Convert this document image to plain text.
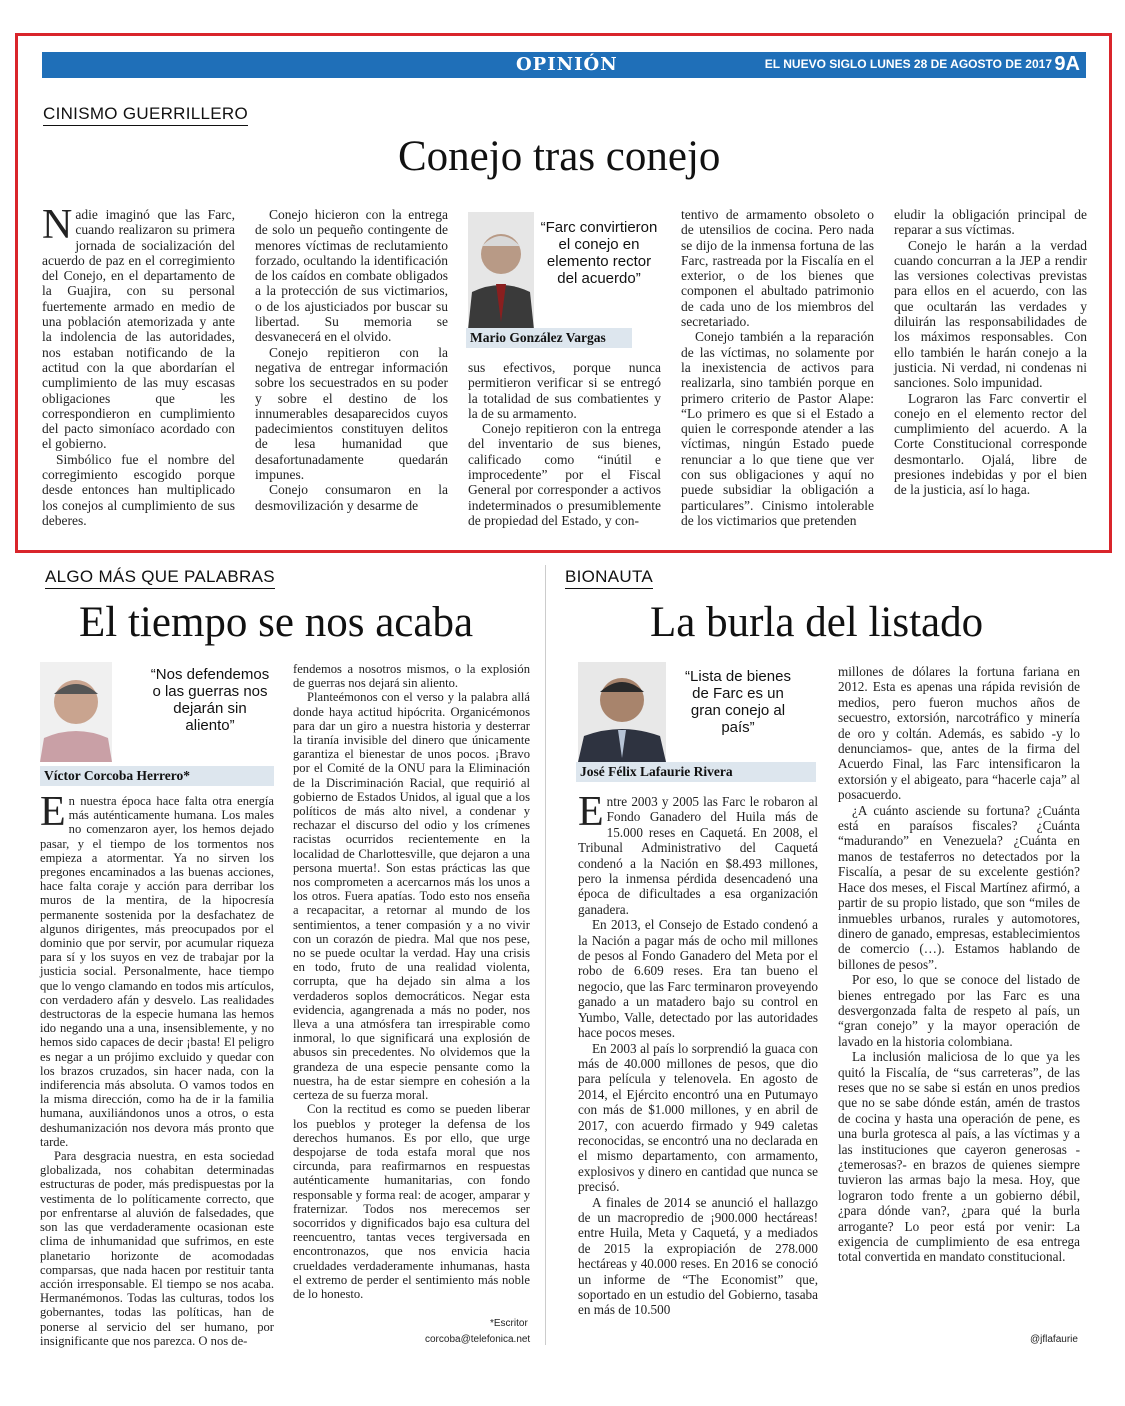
OPINIÓN	EL NUEVO SIGLO LUNES 28 DE AGOSTO DE 2017 9A
CINISMO GUERRILLERO
Conejo tras conejo

Nadie imaginó que las Farc, cuando realizaron su primera jornada de socialización del acuerdo de paz en el corregimiento del Conejo, en el departamento de la Guajira, con su personal fuertemente armado en medio de una población atemorizada y ante la indolencia de las autoridades, nos estaban notificando de la actitud con la que abordarían el cumplimiento de las muy escasas obligaciones que les correspondieron en cumplimiento del pacto simoníaco acordado con el gobierno.

Simbólico fue el nombre del corregimiento escogido porque desde entonces han multiplicado los conejos al cumplimiento de sus deberes.

Conejo hicieron con la entrega de solo un pequeño contingente de menores víctimas de reclutamiento forzado, ocultando la identificación de los caídos en combate obligados a la protección de sus victimarios, o de los ajusticiados por buscar su libertad. Su memoria se desvanecerá en el olvido.

Conejo repitieron con la negativa de entregar información sobre los secuestrados en su poder y sobre el destino de los innumerables desaparecidos cuyos padecimientos constituyen delitos de lesa humanidad que desafortunadamente quedarán impunes.

Conejo consumaron en la desmovilización y desarme de

“Farc convirtieron el conejo en elemento rector del acuerdo”
Mario González Vargas

sus efectivos, porque nunca permitieron verificar si se entregó la totalidad de sus combatientes y la de su armamento.

Conejo repitieron con la entrega del inventario de sus bienes, calificado como “inútil e improcedente” por el Fiscal General por corresponder a activos indeterminados o presumiblemente de propiedad del Estado, y con-

tentivo de armamento obsoleto o de utensilios de cocina. Pero nada se dijo de la inmensa fortuna de las Farc, rastreada por la Fiscalía en el exterior, o de los bienes que componen el abultado patrimonio de cada uno de los miembros del secretariado.

Conejo también a la reparación de las víctimas, no solamente por la inexistencia de activos para realizarla, sino también porque en primero criterio de Pastor Alape: “Lo primero es que si el Estado a quien le corresponde atender a las víctimas, ningún Estado puede renunciar a lo que tiene que ver con sus obligaciones y aquí no puede subsidiar la obligación a particulares”. Cinismo intolerable de los victimarios que pretenden

eludir la obligación principal de reparar a sus víctimas.

Conejo le harán a la verdad cuando concurran a la JEP a rendir las versiones colectivas previstas para ellos en el acuerdo, con las que ocultarán las verdades y diluirán las responsabilidades de los máximos responsables. Con ello también le harán conejo a la justicia. Ni verdad, ni condenas ni sanciones. Solo impunidad.

Lograron las Farc convertir el conejo en el elemento rector del cumplimiento del acuerdo. A la Corte Constitucional corresponde desmontarlo. Ojalá, libre de presiones indebidas y por el bien de la justicia, así lo haga.

ALGO MÁS QUE PALABRAS
El tiempo se nos acaba
“Nos defendemos o las guerras nos dejarán sin aliento”
Víctor Corcoba Herrero*

En nuestra época hace falta otra energía más auténticamente humana. Los males no comenzaron ayer, los hemos dejado pasar, y el tiempo de los tormentos nos empieza a atormentar. Ya no sirven los pregones encaminados a las buenas acciones, hace falta coraje y acción para derribar los muros de la mentira, de la hipocresía permanente sostenida por la desfachatez de algunos dirigentes, más preocupados por el dominio que por servir, por acumular riqueza para sí y los suyos en vez de trabajar por la justicia social. Personalmente, hace tiempo que lo vengo clamando en todos mis artículos, con verdadero afán y desvelo. Las realidades destructoras de la especie humana las hemos ido negando una a una, insensiblemente, y no hemos sido capaces de decir ¡basta! El peligro es negar a un prójimo excluido y quedar con los brazos cruzados, sin hacer nada, con la indiferencia más absoluta. O vamos todos en la misma dirección, como ha de ir la familia humana, auxiliándonos unos a otros, o esta deshumanización nos devora más pronto que tarde.

Para desgracia nuestra, en esta sociedad globalizada, nos cohabitan determinadas estructuras de poder, más predispuestas por la vestimenta de lo políticamente correcto, que por enfrentarse al aluvión de falsedades, que son las que verdaderamente ocasionan este clima de inhumanidad que sufrimos, en este planetario horizonte de acomodadas comparsas, que nada hacen por restituir tanta acción irresponsable. El tiempo se nos acaba. Hermanémonos. Todas las culturas, todos los gobernantes, todas las políticas, han de ponerse al servicio del ser humano, por insignificante que nos parezca. O nos de-

fendemos a nosotros mismos, o la explosión de guerras nos dejará sin aliento.

Planteémonos con el verso y la palabra allá donde haya actitud hipócrita. Organicémonos para dar un giro a nuestra historia y desterrar la tiranía invisible del dinero que únicamente garantiza el bienestar de unos pocos. ¡Bravo por el Comité de la ONU para la Eliminación de la Discriminación Racial, que requirió al gobierno de Estados Unidos, al igual que a los políticos de más alto nivel, a condenar y rechazar el discurso del odio y los crímenes racistas ocurridos recientemente en la localidad de Charlottesville, que dejaron a una persona muerta!. Son estas prácticas las que nos comprometen a acercarnos más los unos a los otros. Fuera apatías. Todo esto nos enseña a recapacitar, a retornar al mundo de los sentimientos, a tener compasión y a no vivir con un corazón de piedra. Mal que nos pese, no se puede ocultar la verdad. Hay una crisis en todo, fruto de una realidad violenta, corrupta, que ha dejado sin alma a los verdaderos soplos democráticos. Negar esta evidencia, agangrenada a más no poder, nos lleva a una atmósfera tan irrespirable como inmoral, lo que significará una explosión de abusos sin precedentes. No olvidemos que la grandeza de una especie pensante como la nuestra, ha de estar siempre en cohesión a la certeza de su fuerza moral.

Con la rectitud es como se pueden liberar los pueblos y proteger la defensa de los derechos humanos. Es por ello, que urge despojarse de toda estafa moral que nos circunda, para reafirmarnos en respuestas auténticamente humanitarias, con fondo responsable y forma real: de acoger, amparar y fraternizar. Todos nos merecemos ser socorridos y dignificados bajo esa cultura del reencuentro, tantas veces tergiversada en encontronazos, que nos envicia hacia crueldades verdaderamente inhumanas, hasta el extremo de perder el sentimiento más noble de lo honesto.

*Escritor
corcoba@telefonica.net
BIONAUTA
La burla del listado
“Lista de bienes de Farc es un gran conejo al país”
José Félix Lafaurie Rivera

Entre 2003 y 2005 las Farc le robaron al Fondo Ganadero del Huila más de 15.000 reses en Caquetá. En 2008, el Tribunal Administrativo del Caquetá condenó a la Nación en $8.493 millones, pero la inmensa pérdida desencadenó una época de dificultades a esa organización ganadera.

En 2013, el Consejo de Estado condenó a la Nación a pagar más de ocho mil millones de pesos al Fondo Ganadero del Meta por el robo de 6.609 reses. Era tan bueno el negocio, que las Farc terminaron proveyendo ganado a un matadero bajo su control en Yumbo, Valle, detectado por las autoridades hace pocos meses.

En 2003 al país lo sorprendió la guaca con más de 40.000 millones de pesos, que dio para película y telenovela. En agosto de 2014, el Ejército encontró una en Putumayo con más de $1.000 millones, y en abril de 2017, con acuerdo firmado y 949 caletas reconocidas, se encontró una no declarada en el mismo departamento, con armamento, explosivos y dinero en cantidad que nunca se precisó.

A finales de 2014 se anunció el hallazgo de un macropredio de ¡900.000 hectáreas! entre Huila, Meta y Caquetá, y a mediados de 2015 la expropiación de 278.000 hectáreas y 40.000 reses. En 2016 se conoció un informe de “The Economist” que, soportado en un estudio del Gobierno, tasaba en más de 10.500

millones de dólares la fortuna fariana en 2012. Esta es apenas una rápida revisión de medios, pero fueron muchos años de secuestro, extorsión, narcotráfico y minería de oro y coltán. Además, es sabido -y lo denunciamos- que, antes de la firma del Acuerdo Final, las Farc intensificaron la extorsión y el abigeato, para “hacerle caja” al posacuerdo.

¿A cuánto asciende su fortuna? ¿Cuánta está en paraísos fiscales? ¿Cuánta “madurando” en Venezuela? ¿Cuánta en manos de testaferros no detectados por la Fiscalía, a pesar de su excelente gestión? Hace dos meses, el Fiscal Martínez afirmó, a partir de su propio listado, que son “miles de inmuebles urbanos, rurales y automotores, dinero de ganado, empresas, establecimientos de comercio (…). Estamos hablando de billones de pesos”.

Por eso, lo que se conoce del listado de bienes entregado por las Farc es una desvergonzada falta de respeto al país, un “gran conejo” y la mayor operación de lavado en la historia colombiana.

La inclusión maliciosa de lo que ya les quitó la Fiscalía, de “sus carreteras”, de las reses que no se sabe si están en unos predios que no se sabe dónde están, amén de trastos de cocina y hasta una operación de pene, es una burla grotesca al país, a las víctimas y a las instituciones que cayeron generosas -¿temerosas?- en brazos de quienes siempre tuvieron las armas bajo la mesa. Hoy, que lograron todo frente a un gobierno débil, ¿para dónde van?, ¿para qué la burla arrogante? Lo peor está por venir: La exigencia de cumplimiento de esa entrega total convertida en mandato constitucional.

@jflafaurie
